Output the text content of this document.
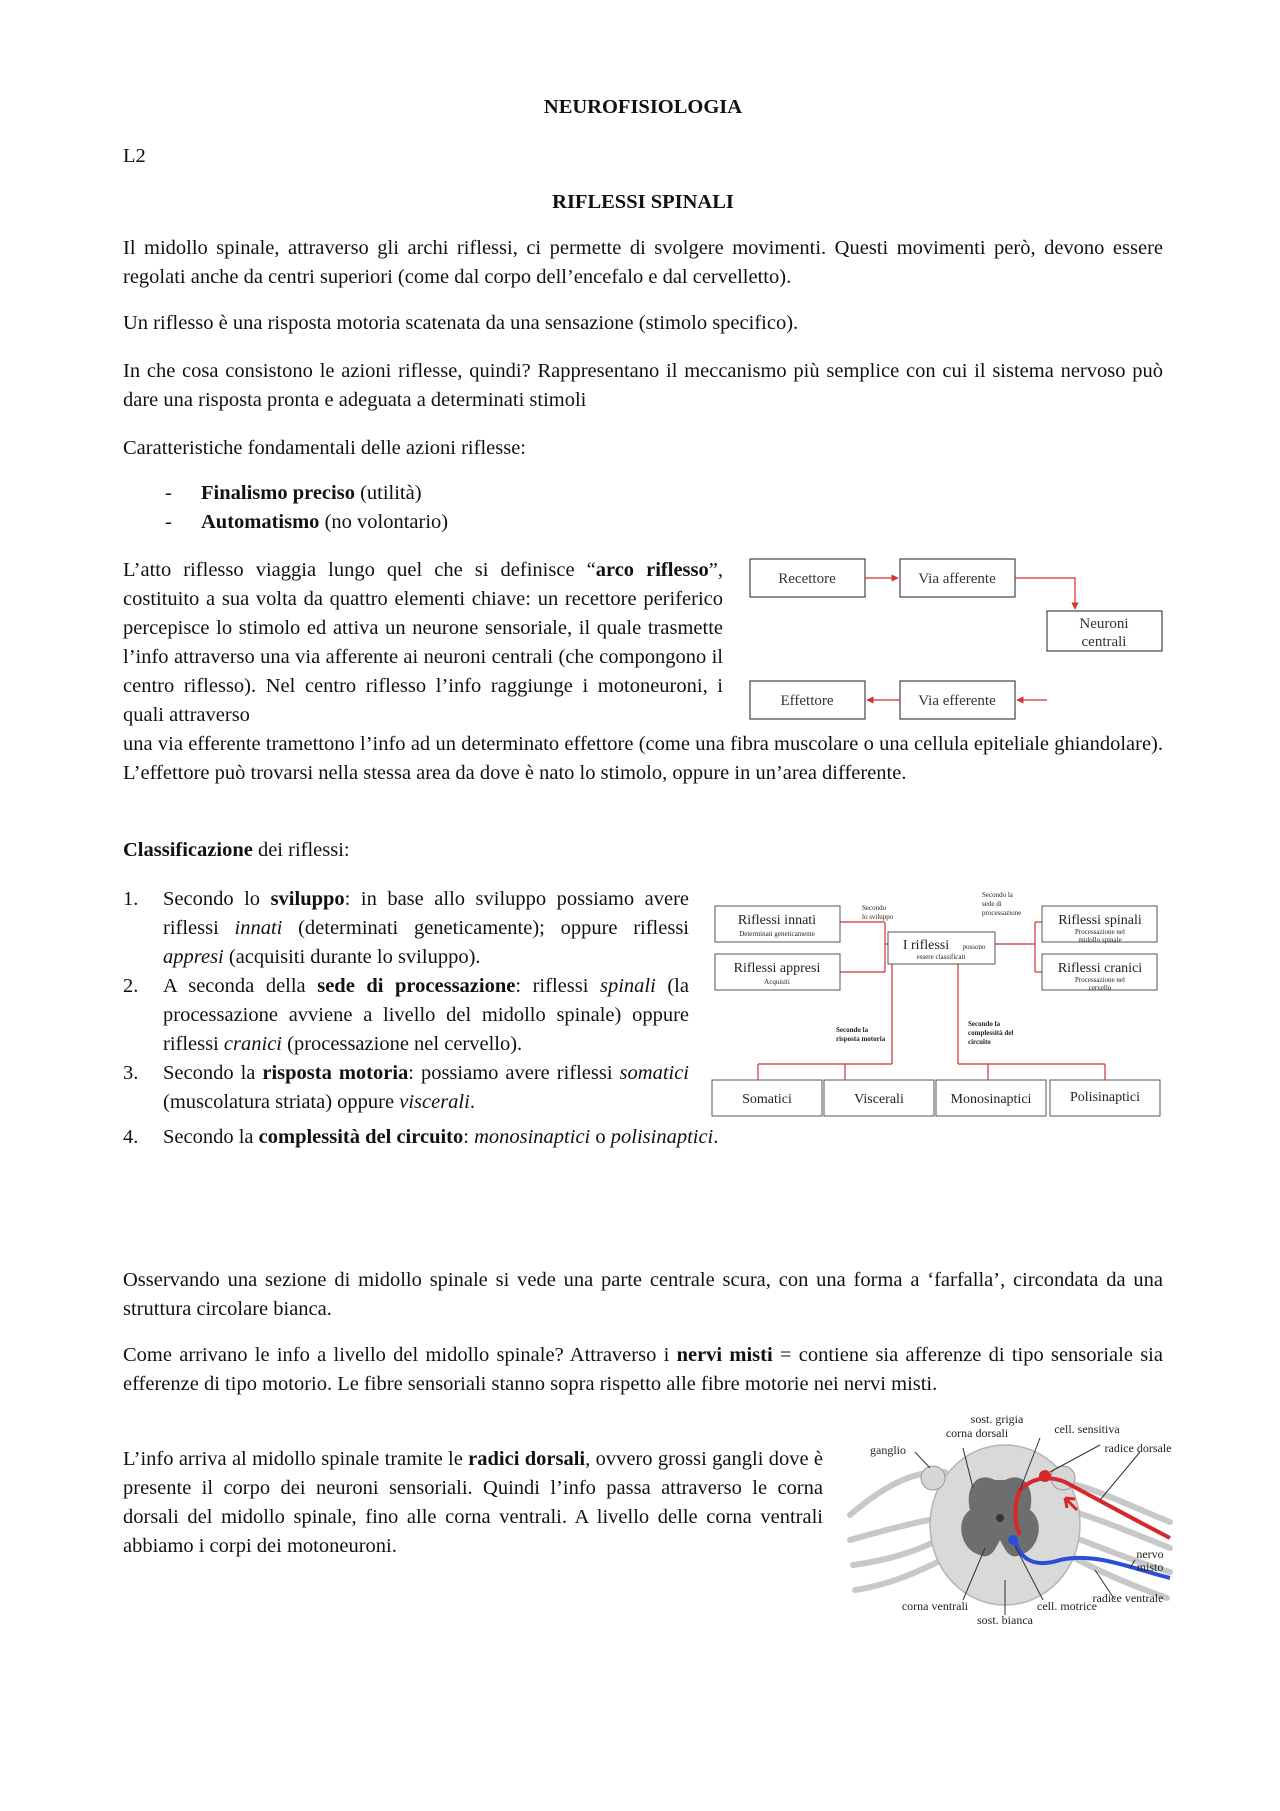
NEUROFISIOLOGIA

L2

RIFLESSI SPINALI

Il midollo spinale, attraverso gli archi riflessi, ci permette di svolgere movimenti. Questi movimenti però, devono essere regolati anche da centri superiori (come dal corpo dell’encefalo e dal cervelletto).

Un riflesso è una risposta motoria scatenata da una sensazione (stimolo specifico).

In che cosa consistono le azioni riflesse, quindi? Rappresentano il meccanismo più semplice con cui il sistema nervoso può dare una risposta pronta e adeguata a determinati stimoli

Caratteristiche fondamentali delle azioni riflesse:

- Finalismo preciso (utilità)
- Automatismo (no volontario)

L’atto riflesso viaggia lungo quel che si definisce “arco riflesso”, costituito a sua volta da quattro elementi chiave: un recettore periferico percepisce lo stimolo ed attiva un neurone sensoriale, il quale trasmette l’info attraverso una via afferente ai neuroni centrali (che compongono il centro riflesso). Nel centro riflesso l’info raggiunge i motoneuroni, i quali attraverso

una via efferente tramettono l’info ad un determinato effettore (come una fibra muscolare o una cellula epiteliale ghiandolare). L’effettore può trovarsi nella stessa area da dove è nato lo stimolo, oppure in un’area differente.

Recettore	Via afferente
Neuroni
centrali
Effettore	Via efferente

Classificazione dei riflessi:

Secondo lo sviluppo: in base allo sviluppo possiamo avere riflessi innati (determinati geneticamente); oppure riflessi appresi (acquisiti durante lo sviluppo).
A seconda della sede di processazione: riflessi spinali (la processazione avviene a livello del midollo spinale) oppure riflessi cranici (processazione nel cervello).
Secondo la risposta motoria: possiamo avere riflessi somatici (muscolatura striata) oppure viscerali.

4. Secondo la complessità del circuito: monosinaptici o polisinaptici.

Riflessi innati
Determinati geneticamente
Riflessi appresi
Acquisiti
Secondo
lo sviluppo
I riflessi possono
essere classificati
Secondo la
sede di
processazione	Riflessi spinali
Processazione nel
midollo spinale
Riflessi cranici
Processazione nel
cervello
Secondo la
risposta motoria
Secondo la
complessità del
circuito
Somatici	Viscerali	Monosinaptici	Polisinaptici

Osservando una sezione di midollo spinale si vede una parte centrale scura, con una forma a ‘farfalla’, circondata da una struttura circolare bianca.

Come arrivano le info a livello del midollo spinale? Attraverso i nervi misti = contiene sia afferenze di tipo sensoriale sia efferenze di tipo motorio. Le fibre sensoriali stanno sopra rispetto alle fibre motorie nei nervi misti.

L’info arriva al midollo spinale tramite le radici dorsali, ovvero grossi gangli dove è presente il corpo dei neuroni sensoriali. Quindi l’info passa attraverso le corna dorsali del midollo spinale, fino alle corna ventrali. A livello delle corna ventrali abbiamo i corpi dei motoneuroni.

sost. grigia
corna dorsali	cell. sensitiva
ganglio	radice dorsale
nervo
misto
corna ventrali	cell. motrice
radice ventrale
sost. bianca
